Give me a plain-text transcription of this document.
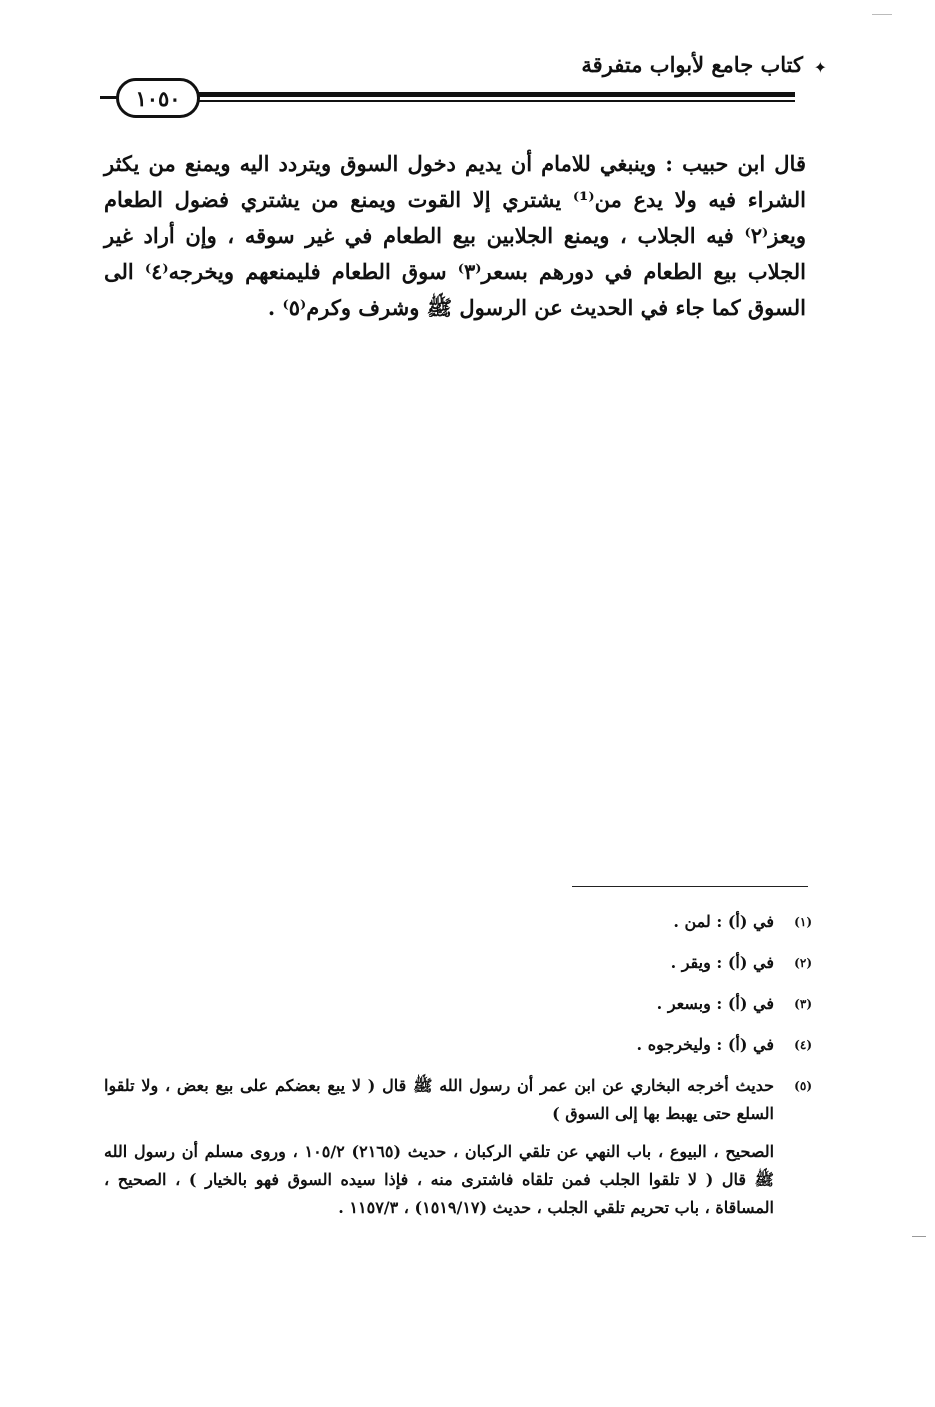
✦
كتاب جامع لأبواب متفرقة
١٠٥٠

قال ابن حبيب : وينبغي للامام أن يديم دخول السوق ويتردد اليه ويمنع من يكثر الشراء فيه ولا يدع من⁽¹⁾ يشتري إلا القوت ويمنع من يشتري فضول الطعام ويعز⁽٢⁾ فيه الجلاب ، ويمنع الجلابين بيع الطعام في غير سوقه ، وإن أراد غير الجلاب بيع الطعام في دورهم بسعر⁽٣⁾ سوق الطعام فليمنعهم ويخرجه⁽٤⁾ الى السوق كما جاء في الحديث عن الرسول ﷺ وشرف وكرم⁽٥⁾ .

(١)
في (أ) : لمن .
(٢)
في (أ) : ويقر .
(٣)
في (أ) : وبسعر .
(٤)
في (أ) : وليخرجوه .
(٥)

حديث أخرجه البخاري عن ابن عمر أن رسول الله ﷺ قال ( لا يبع بعضكم على بيع بعض ، ولا تلقوا السلع حتى يهبط بها إلى السوق )

الصحيح ، البيوع ، باب النهي عن تلقي الركبان ، حديث (٢١٦٥) ١٠٥/٢ ، وروى مسلم أن رسول الله ﷺ قال ( لا تلقوا الجلب فمن تلقاه فاشترى منه ، فإذا سيده السوق فهو بالخيار ) ، الصحيح ، المساقاة ، باب تحريم تلقي الجلب ، حديث (١٥١٩/١٧) ، ١١٥٧/٣ .
